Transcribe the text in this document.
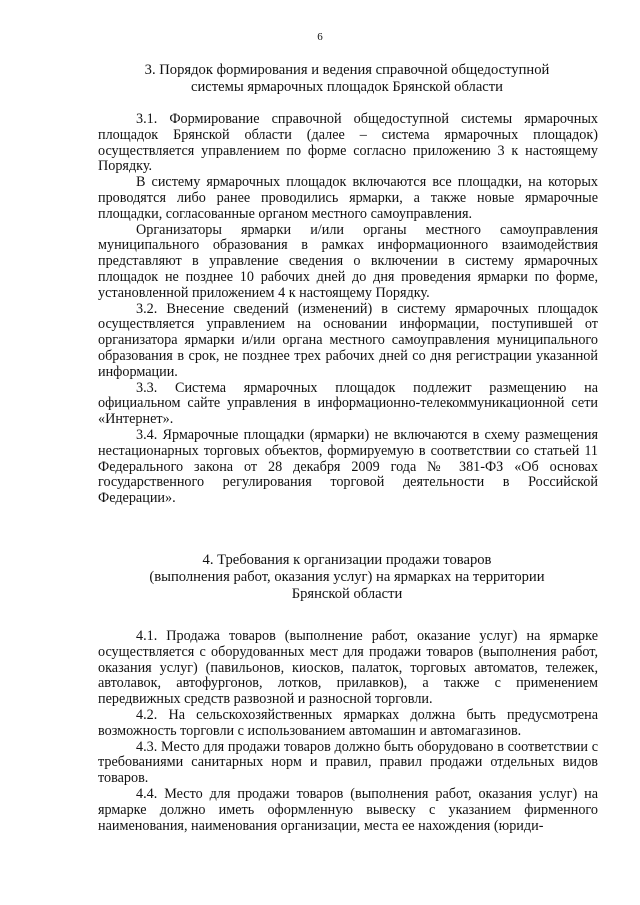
6
3. Порядок формирования и ведения справочной общедоступной
системы ярмарочных площадок Брянской области

3.1. Формирование справочной общедоступной системы ярмарочных площадок Брянской области (далее – система ярмарочных площадок) осуществляется управлением по форме согласно приложению 3 к настоящему Порядку.

В систему ярмарочных площадок включаются все площадки, на которых проводятся либо ранее проводились ярмарки, а также новые ярмарочные площадки, согласованные органом местного самоуправления.

Организаторы ярмарки и/или органы местного самоуправления муниципального образования в рамках информационного взаимодействия представляют в управление сведения о включении в систему ярмарочных площадок не позднее 10 рабочих дней до дня проведения ярмарки по форме, установленной приложением 4 к настоящему Порядку.

3.2. Внесение сведений (изменений) в систему ярмарочных площадок осуществляется управлением на основании информации, поступившей от организатора ярмарки и/или органа местного самоуправления муниципального образования в срок, не позднее трех рабочих дней со дня регистрации указанной информации.

3.3. Система ярмарочных площадок подлежит размещению на официальном сайте управления в информационно-телекоммуникационной сети «Интернет».

3.4. Ярмарочные площадки (ярмарки) не включаются в схему размещения нестационарных торговых объектов, формируемую в соответствии со статьей 11 Федерального закона от 28 декабря 2009 года № 381-ФЗ «Об основах государственного регулирования торговой деятельности в Российской Федерации».

4. Требования к организации продажи товаров
(выполнения работ, оказания услуг) на ярмарках на территории
Брянской области

4.1. Продажа товаров (выполнение работ, оказание услуг) на ярмарке осуществляется с оборудованных мест для продажи товаров (выполнения работ, оказания услуг) (павильонов, киосков, палаток, торговых автоматов, тележек, автолавок, автофургонов, лотков, прилавков), а также с применением передвижных средств развозной и разносной торговли.

4.2. На сельскохозяйственных ярмарках должна быть предусмотрена возможность торговли с использованием автомашин и автомагазинов.

4.3. Место для продажи товаров должно быть оборудовано в соответствии с требованиями санитарных норм и правил, правил продажи отдельных видов товаров.

4.4. Место для продажи товаров (выполнения работ, оказания услуг) на ярмарке должно иметь оформленную вывеску с указанием фирменного наименования, наименования организации, места ее нахождения (юриди-
